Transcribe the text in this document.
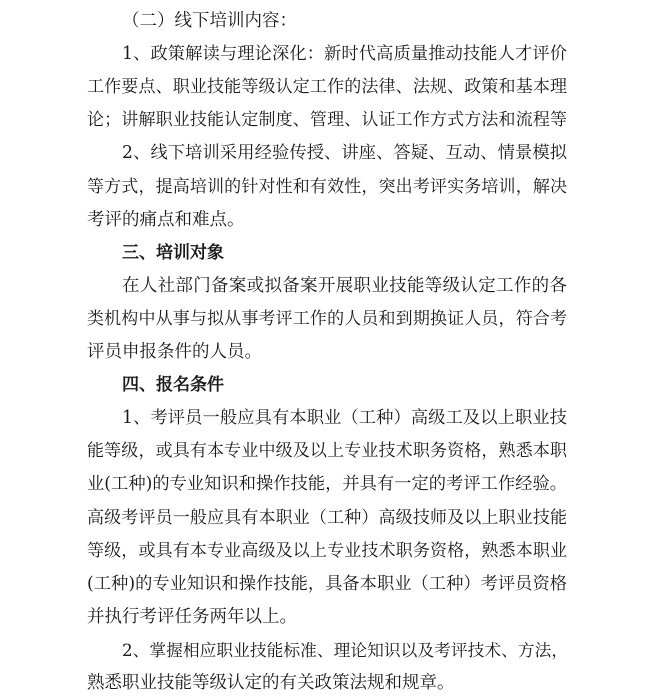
（二）线下培训内容：
1、政策解读与理论深化：新时代高质量推动技能人才评价
工作要点、职业技能等级认定工作的法律、法规、政策和基本理
论；讲解职业技能认定制度、管理、认证工作方式方法和流程等
2、线下培训采用经验传授、讲座、答疑、互动、情景模拟
等方式，提高培训的针对性和有效性，突出考评实务培训，解决
考评的痛点和难点。
三、培训对象
在人社部门备案或拟备案开展职业技能等级认定工作的各
类机构中从事与拟从事考评工作的人员和到期换证人员，符合考
评员申报条件的人员。
四、报名条件
1、考评员一般应具有本职业（工种）高级工及以上职业技
能等级，或具有本专业中级及以上专业技术职务资格，熟悉本职
业(工种)的专业知识和操作技能，并具有一定的考评工作经验。
高级考评员一般应具有本职业（工种）高级技师及以上职业技能
等级，或具有本专业高级及以上专业技术职务资格，熟悉本职业
(工种)的专业知识和操作技能，具备本职业（工种）考评员资格
并执行考评任务两年以上。
2、掌握相应职业技能标准、理论知识以及考评技术、方法，
熟悉职业技能等级认定的有关政策法规和规章。
